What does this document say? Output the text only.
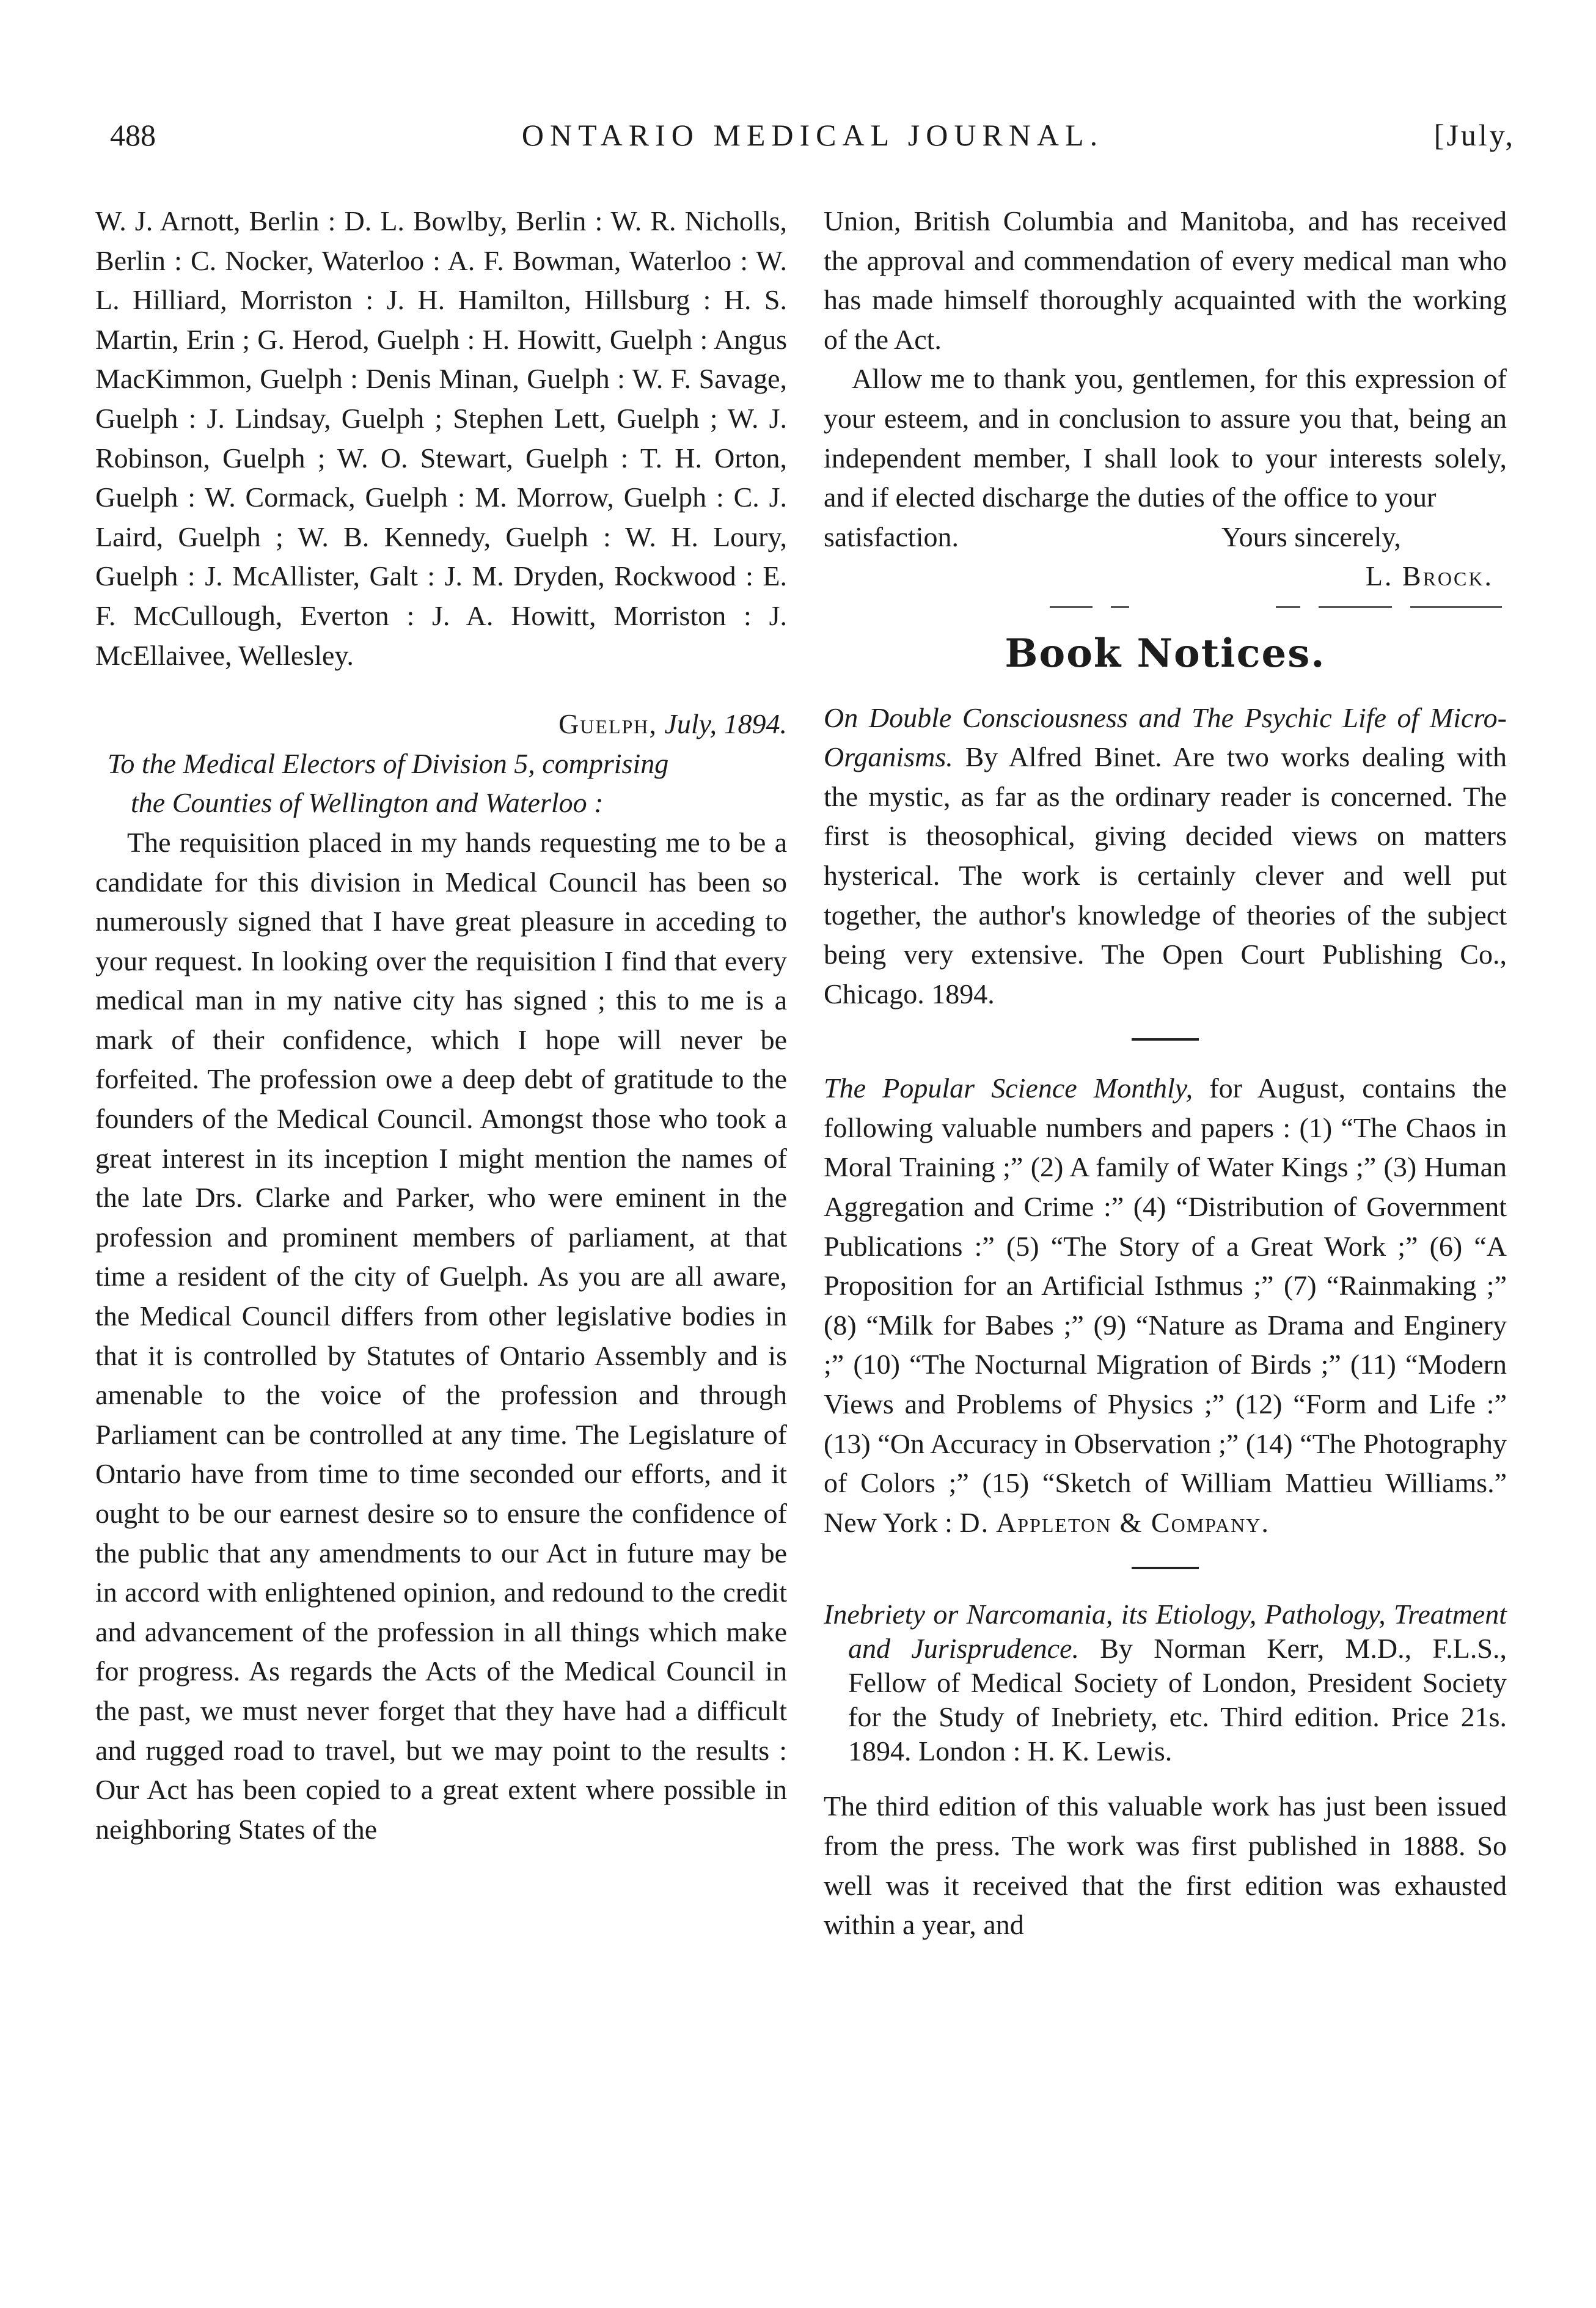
488	ONTARIO MEDICAL JOURNAL.	[July,

W. J. Arnott, Berlin : D. L. Bowlby, Berlin : W. R. Nicholls, Berlin : C. Nocker, Waterloo : A. F. Bowman, Waterloo : W. L. Hilliard, Morriston : J. H. Hamilton, Hillsburg : H. S. Martin, Erin ; G. Herod, Guelph : H. Howitt, Guelph : Angus MacKimmon, Guelph : Denis Minan, Guelph : W. F. Savage, Guelph : J. Lindsay, Guelph ; Stephen Lett, Guelph ; W. J. Robinson, Guelph ; W. O. Stewart, Guelph : T. H. Orton, Guelph : W. Cormack, Guelph : M. Morrow, Guelph : C. J. Laird, Guelph ; W. B. Kennedy, Guelph : W. H. Loury, Guelph : J. McAllister, Galt : J. M. Dryden, Rockwood : E. F. McCullough, Everton : J. A. Howitt, Morriston : J. McEllaivee, Wellesley.

Guelph, July, 1894.

To the Medical Electors of Division 5, comprising
the Counties of Wellington and Waterloo :

The requisition placed in my hands requesting me to be a candidate for this division in Medical Council has been so numerously signed that I have great pleasure in acceding to your request. In looking over the requisition I find that every medical man in my native city has signed ; this to me is a mark of their confidence, which I hope will never be forfeited. The profession owe a deep debt of gratitude to the founders of the Medical Council. Amongst those who took a great interest in its inception I might mention the names of the late Drs. Clarke and Parker, who were eminent in the profession and prominent members of parliament, at that time a resident of the city of Guelph. As you are all aware, the Medical Council differs from other legislative bodies in that it is controlled by Statutes of Ontario Assembly and is amenable to the voice of the profession and through Parliament can be controlled at any time. The Legislature of Ontario have from time to time seconded our efforts, and it ought to be our earnest desire so to ensure the confidence of the public that any amendments to our Act in future may be in accord with enlightened opinion, and redound to the credit and advancement of the profession in all things which make for progress. As regards the Acts of the Medical Council in the past, we must never forget that they have had a difficult and rugged road to travel, but we may point to the results : Our Act has been copied to a great extent where possible in neighboring States of the

Union, British Columbia and Manitoba, and has received the approval and commendation of every medical man who has made himself thoroughly acquainted with the working of the Act.

Allow me to thank you, gentlemen, for this expression of your esteem, and in conclusion to assure you that, being an independent member, I shall look to your interests solely, and if elected discharge the duties of the office to your

satisfaction.	Yours sincerely,

L. Brock.

Book Notices.

On Double Consciousness and The Psychic Life of Micro-Organisms. By Alfred Binet. Are two works dealing with the mystic, as far as the ordinary reader is concerned. The first is theosophical, giving decided views on matters hysterical. The work is certainly clever and well put together, the author's knowledge of theories of the subject being very extensive. The Open Court Publishing Co., Chicago. 1894.

The Popular Science Monthly, for August, contains the following valuable numbers and papers : (1) “The Chaos in Moral Training ;” (2) A family of Water Kings ;” (3) Human Aggregation and Crime :” (4) “Distribution of Government Publications :” (5) “The Story of a Great Work ;” (6) “A Proposition for an Artificial Isthmus ;” (7) “Rainmaking ;” (8) “Milk for Babes ;” (9) “Nature as Drama and Enginery ;” (10) “The Nocturnal Migration of Birds ;” (11) “Modern Views and Problems of Physics ;” (12) “Form and Life :” (13) “On Accuracy in Observation ;” (14) “The Photography of Colors ;” (15) “Sketch of William Mattieu Williams.” New York : D. Appleton & Company.

Inebriety or Narcomania, its Etiology, Pathology, Treatment and Jurisprudence. By Norman Kerr, M.D., F.L.S., Fellow of Medical Society of London, President Society for the Study of Inebriety, etc. Third edition. Price 21s. 1894. London : H. K. Lewis.

The third edition of this valuable work has just been issued from the press. The work was first published in 1888. So well was it received that the first edition was exhausted within a year, and
